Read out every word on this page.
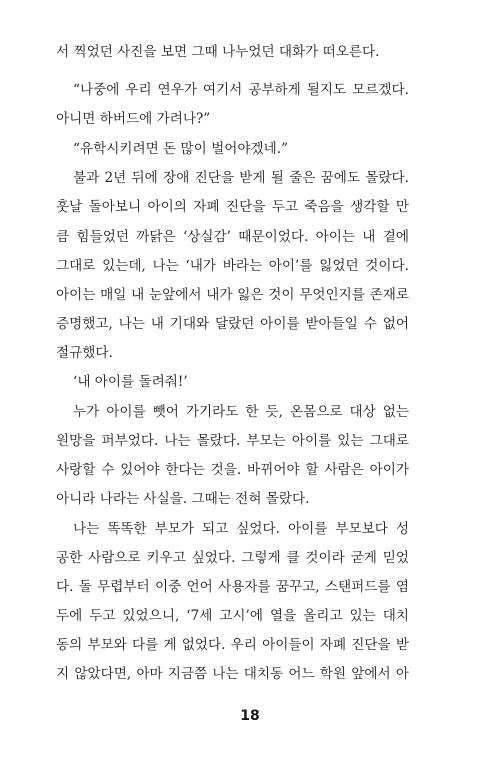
서 찍었던 사진을 보면 그때 나누었던 대화가 떠오른다.
“나중에 우리 연우가 여기서 공부하게 될지도 모르겠다.
아니면 하버드에 가려나?”
“유학시키려면 돈 많이 벌어야겠네.”
불과 2년 뒤에 장애 진단을 받게 될 줄은 꿈에도 몰랐다.
훗날 돌아보니 아이의 자폐 진단을 두고 죽음을 생각할 만
큼 힘들었던 까닭은 ‘상실감’ 때문이었다. 아이는 내 곁에
그대로 있는데, 나는 ‘내가 바라는 아이’를 잃었던 것이다.
아이는 매일 내 눈앞에서 내가 잃은 것이 무엇인지를 존재로
증명했고, 나는 내 기대와 달랐던 아이를 받아들일 수 없어
절규했다.
‘내 아이를 돌려줘!’
누가 아이를 뺏어 가기라도 한 듯, 온몸으로 대상 없는
원망을 퍼부었다. 나는 몰랐다. 부모는 아이를 있는 그대로
사랑할 수 있어야 한다는 것을. 바뀌어야 할 사람은 아이가
아니라 나라는 사실을. 그때는 전혀 몰랐다.
나는 똑똑한 부모가 되고 싶었다. 아이를 부모보다 성
공한 사람으로 키우고 싶었다. 그렇게 클 것이라 굳게 믿었
다. 돌 무렵부터 이중 언어 사용자를 꿈꾸고, 스탠퍼드를 염
두에 두고 있었으니, ‘7세 고시’에 열을 올리고 있는 대치
동의 부모와 다를 게 없었다. 우리 아이들이 자폐 진단을 받
지 않았다면, 아마 지금쯤 나는 대치동 어느 학원 앞에서 아
18
